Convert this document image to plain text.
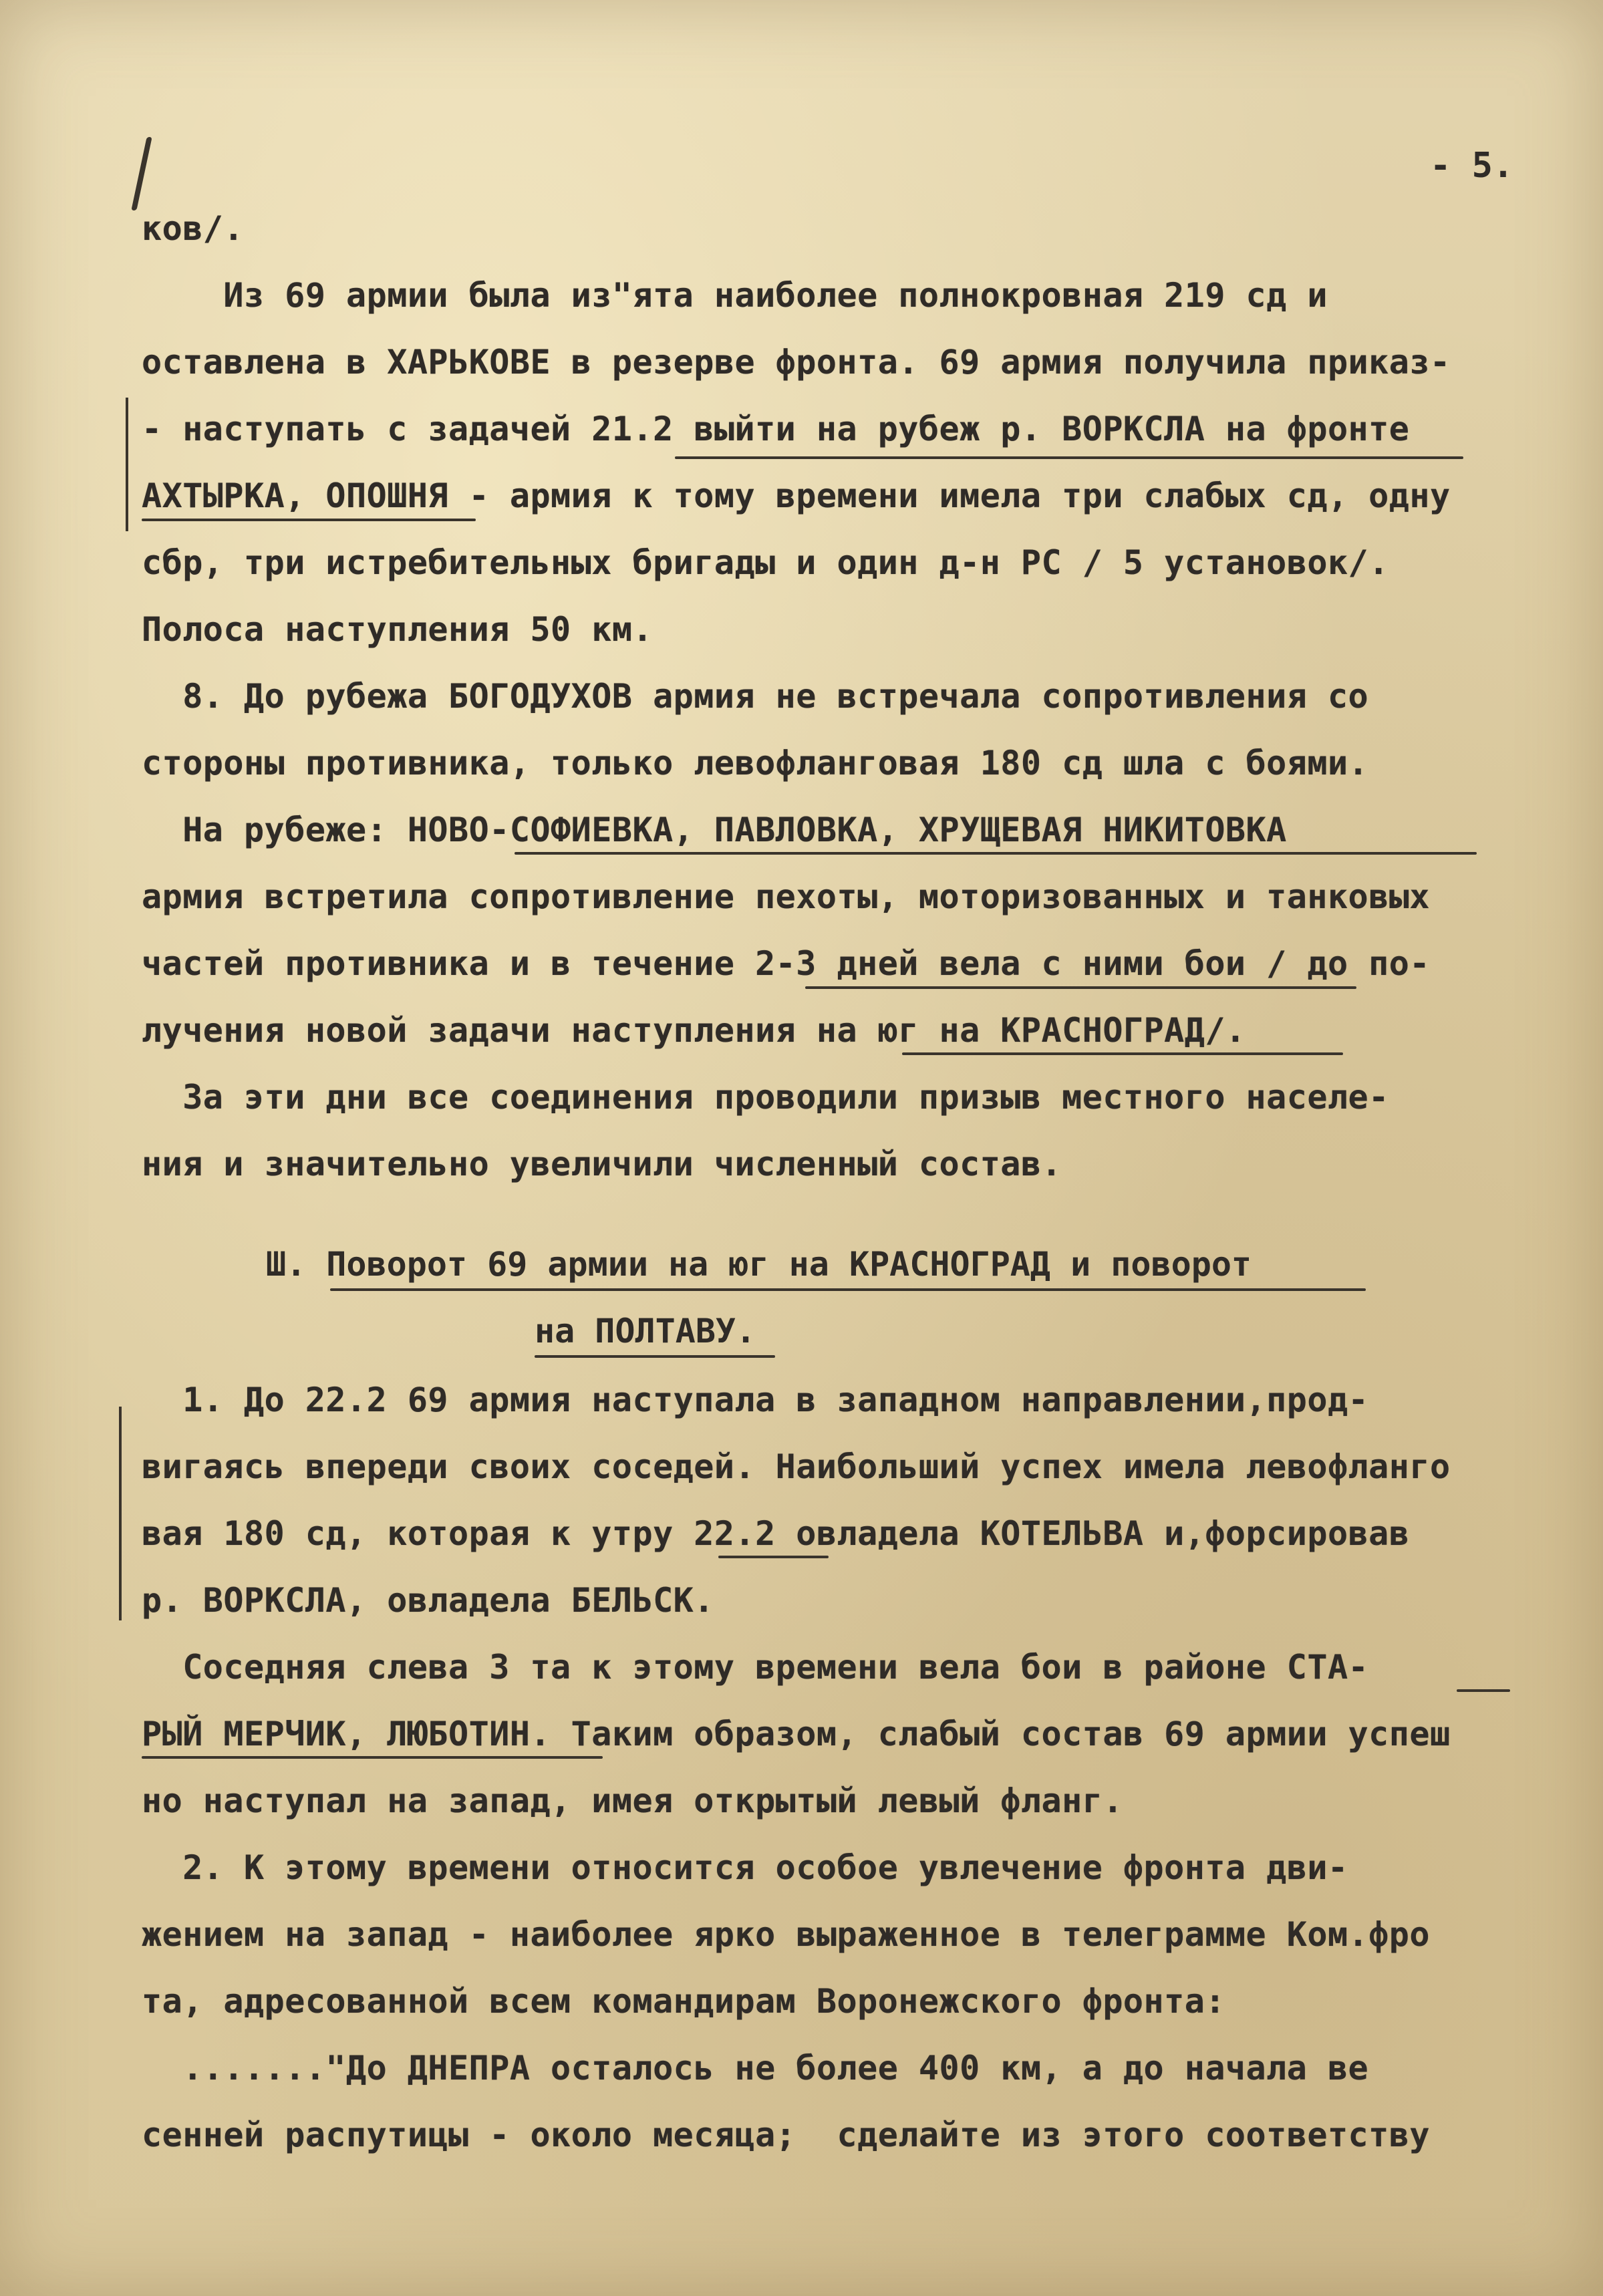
- 5.
ков/.
Из 69 армии была из"ята наиболее полнокровная 219 сд и
оставлена в ХАРЬКОВЕ в резерве фронта. 69 армия получила приказ-
- наступать с задачей 21.2 выйти на рубеж р. ВОРКСЛА на фронте
АХТЫРКА, ОПОШНЯ - армия к тому времени имела три слабых сд, одну
сбр, три истребительных бригады и один д-н РС / 5 установок/.
Полоса наступления 50 км.
8. До рубежа БОГОДУХОВ армия не встречала сопротивления со
стороны противника, только левофланговая 180 сд шла с боями.
На рубеже: НОВО-СОФИЕВКА, ПАВЛОВКА, ХРУЩЕВАЯ НИКИТОВКА
армия встретила сопротивление пехоты, моторизованных и танковых
частей противника и в течение 2-3 дней вела с ними бои / до по-
лучения новой задачи наступления на юг на КРАСНОГРАД/.
За эти дни все соединения проводили призыв местного населе-
ния и значительно увеличили численный состав.
Ш. Поворот 69 армии на юг на КРАСНОГРАД и поворот
на ПОЛТАВУ.
1. До 22.2 69 армия наступала в западном направлении,прод-
вигаясь впереди своих соседей. Наибольший успех имела левофланго
вая 180 сд, которая к утру 22.2 овладела КОТЕЛЬВА и,форсировав
р. ВОРКСЛА, овладела БЕЛЬСК.
Соседняя слева 3 та к этому времени вела бои в районе СТА-
РЫЙ МЕРЧИК, ЛЮБОТИН. Таким образом, слабый состав 69 армии успеш
но наступал на запад, имея открытый левый фланг.
2. К этому времени относится особое увлечение фронта дви-
жением на запад - наиболее ярко выраженное в телеграмме Ком.фро
та, адресованной всем командирам Воронежского фронта:
......."До ДНЕПРА осталось не более 400 км, а до начала ве
сенней распутицы - около месяца;  сделайте из этого соответству
